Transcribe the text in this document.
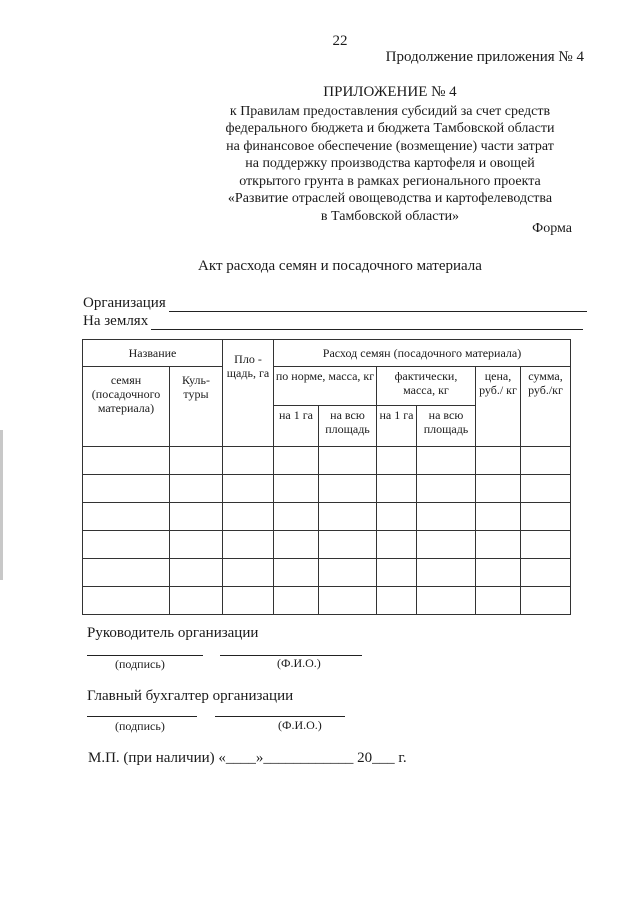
22
Продолжение приложения № 4
ПРИЛОЖЕНИЕ № 4
к Правилам предоставления субсидий за счет средств
федерального бюджета и бюджета Тамбовской области
на финансовое обеспечение (возмещение) части затрат
на поддержку производства картофеля и овощей
открытого грунта в рамках регионального проекта
«Развитие отраслей овощеводства и картофелеводства
в Тамбовской области»
Форма
Акт расхода семян и посадочного материала
Организация
На землях
Название		Пло - щадь, га	Расход семян (посадочного материала)					
семян (посадочного материала)	Куль-туры		по норме, масса, кг		фактически, масса, кг		цена, руб./ кг	сумма, руб./кг
			на 1 га	на всю площадь	на 1 га	на всю площадь		

Руководитель организации
(подпись)	(Ф.И.О.)
Главный бухгалтер организации
(подпись)	(Ф.И.О.)
М.П. (при наличии) «____»____________ 20___ г.
